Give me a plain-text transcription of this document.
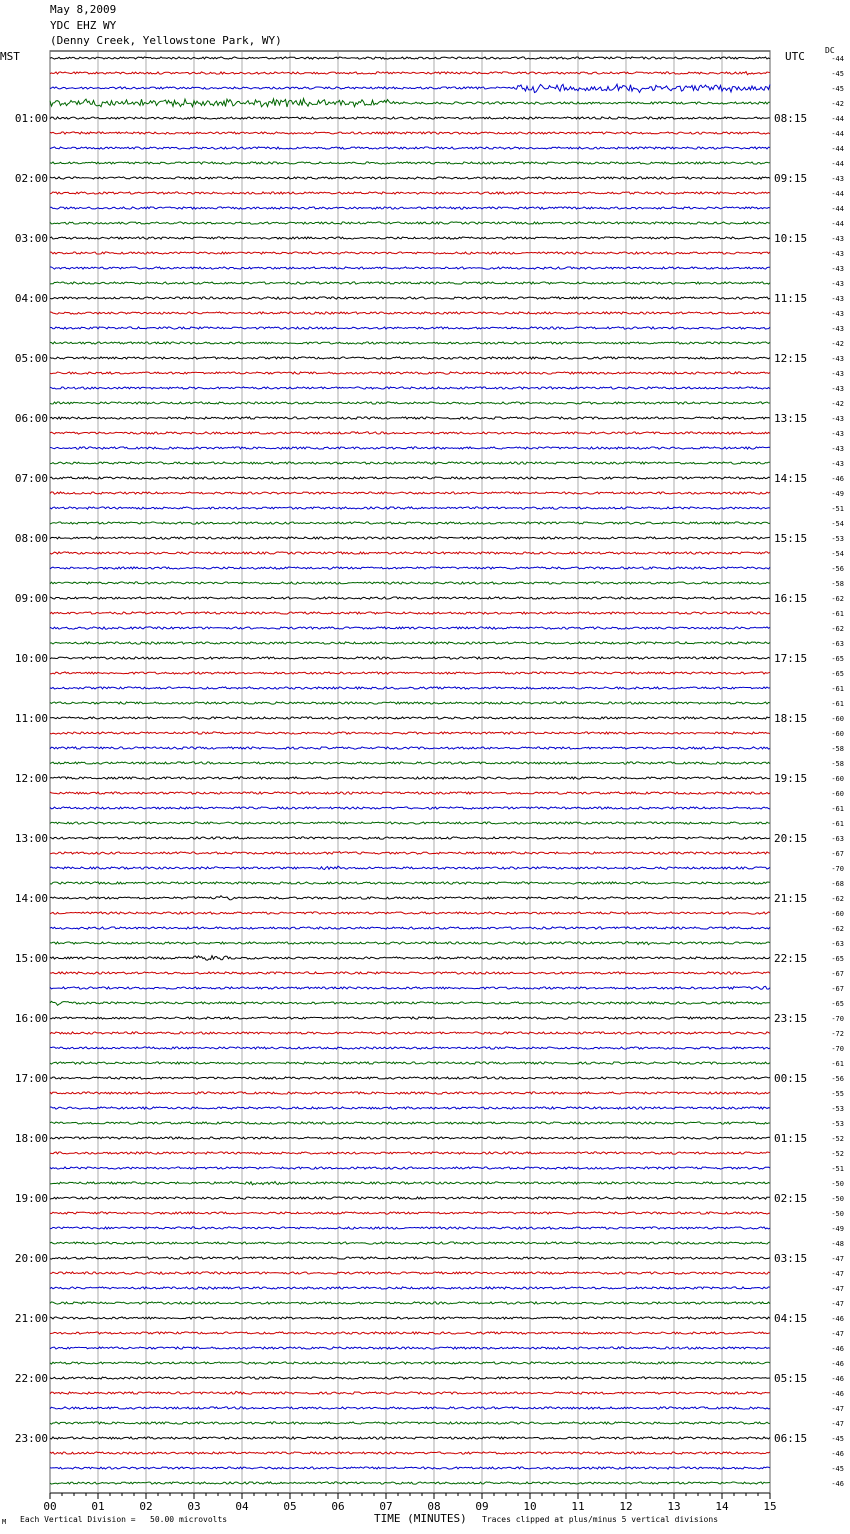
May 8,2009
YDC EHZ WY
(Denny Creek, Yellowstone Park, WY)
MST	UTC	DC
00	01	02	03	04	05	06	07	08	09	10	11	12	13	14	15
-44
-45
-45
-42
-44
01:00	08:15
-44
-44
-44
-43
02:00	09:15
-44
-44
-44
-43
03:00	10:15
-43
-43
-43
-43
04:00	11:15
-43
-43
-42
-43
05:00	12:15
-43
-43
-42
-43
06:00	13:15
-43
-43
-43
-46
07:00	14:15
-49
-51
-54
-53
08:00	15:15
-54
-56
-58
-62
09:00	16:15
-61
-62
-63
-65
10:00	17:15
-65
-61
-61
-60
11:00	18:15
-60
-58
-58
-60
12:00	19:15
-60
-61
-61
-63
13:00	20:15
-67
-70
-68
-62
14:00	21:15
-60
-62
-63
-65
15:00	22:15
-67
-67
-65
-70
16:00	23:15
-72
-70
-61
-56
17:00	00:15
-55
-53
-53
-52
18:00	01:15
-52
-51
-50
-50
19:00	02:15
-50
-49
-48
-47
20:00	03:15
-47
-47
-47
-46
21:00	04:15
-47
-46
-46
-46
22:00	05:15
-46
-47
-47
-45
23:00	06:15
-46
-45
-46
M Each Vertical Division =   50.00 microvolts	TIME (MINUTES) Traces clipped at plus/minus 5 vertical divisions
